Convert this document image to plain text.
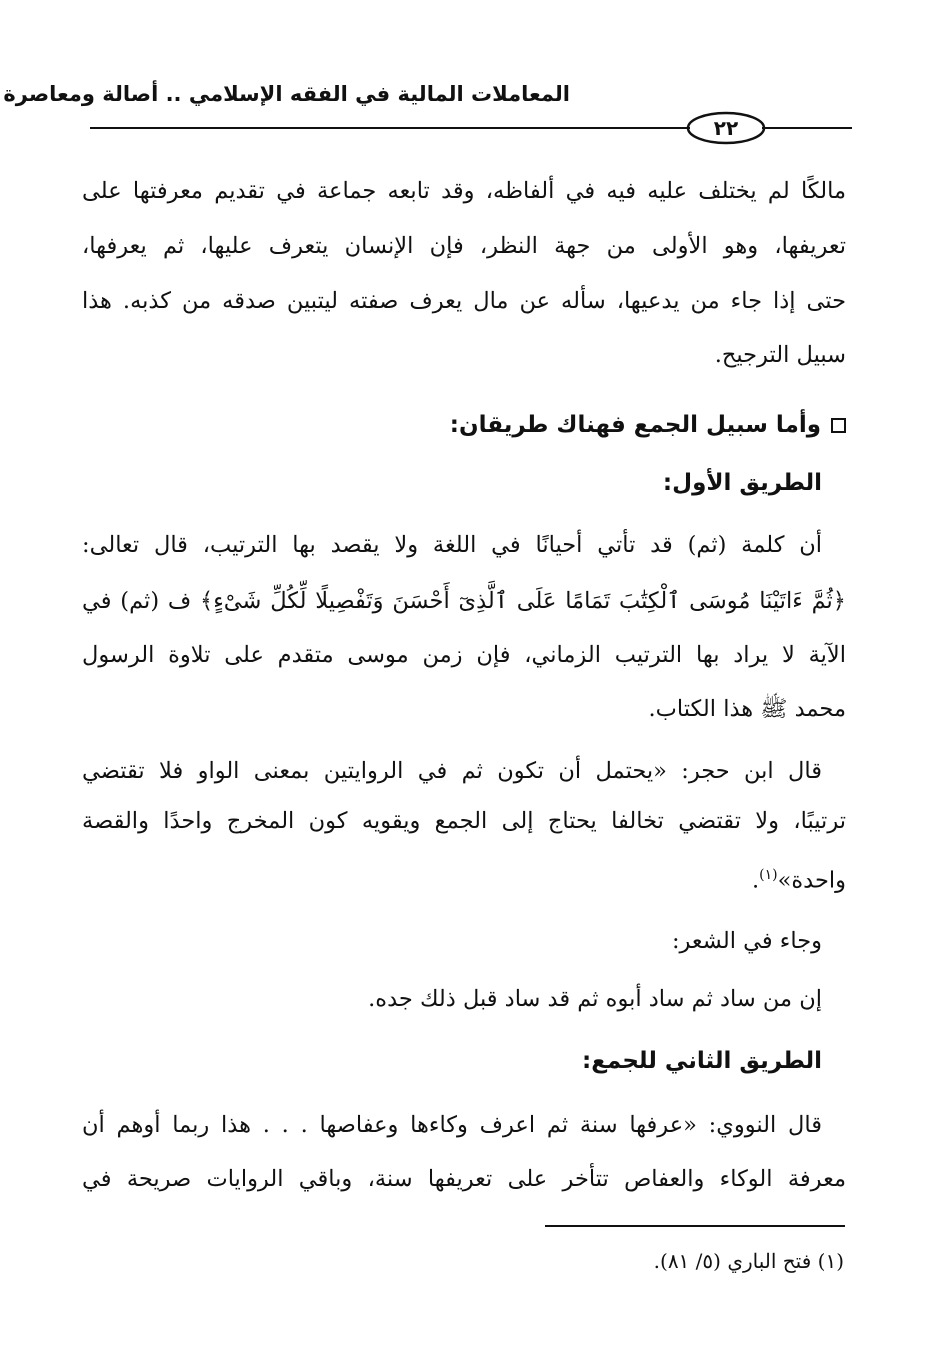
المعاملات المالية في الفقه الإسلامي .. أصالة ومعاصرة
٢٢
مالكًا لم يختلف عليه فيه في ألفاظه، وقد تابعه جماعة في تقديم معرفتها على
تعريفها، وهو الأولى من جهة النظر، فإن الإنسان يتعرف عليها، ثم يعرفها،
حتى إذا جاء من يدعيها، سأله عن مال يعرف صفته ليتبين صدقه من كذبه. هذا
سبيل الترجيح.
وأما سبيل الجمع فهناك طريقان:
الطريق الأول:
أن كلمة (ثم) قد تأتي أحيانًا في اللغة ولا يقصد بها الترتيب، قال تعالى:
﴿ثُمَّ ءَاتَيْنَا مُوسَى ٱلْكِتَٰبَ تَمَامًا عَلَى ٱلَّذِىٓ أَحْسَنَ وَتَفْصِيلًا لِّكُلِّ شَىْءٍ﴾ ف (ثم) في
الآية لا يراد بها الترتيب الزماني، فإن زمن موسى متقدم على تلاوة الرسول
محمد ﷺ هذا الكتاب.
قال ابن حجر: «يحتمل أن تكون ثم في الروايتين بمعنى الواو فلا تقتضي
ترتيبًا، ولا تقتضي تخالفا يحتاج إلى الجمع ويقويه كون المخرج واحدًا والقصة
واحدة»$^{(١)}$.
وجاء في الشعر:
إن من ساد ثم ساد أبوه ثم قد ساد قبل ذلك جده.
الطريق الثاني للجمع:
قال النووي: «عرفها سنة ثم اعرف وكاءها وعفاصها . . . هذا ربما أوهم أن
معرفة الوكاء والعفاص تتأخر على تعريفها سنة، وباقي الروايات صريحة في
(١) فتح الباري (٥/ ٨١).
